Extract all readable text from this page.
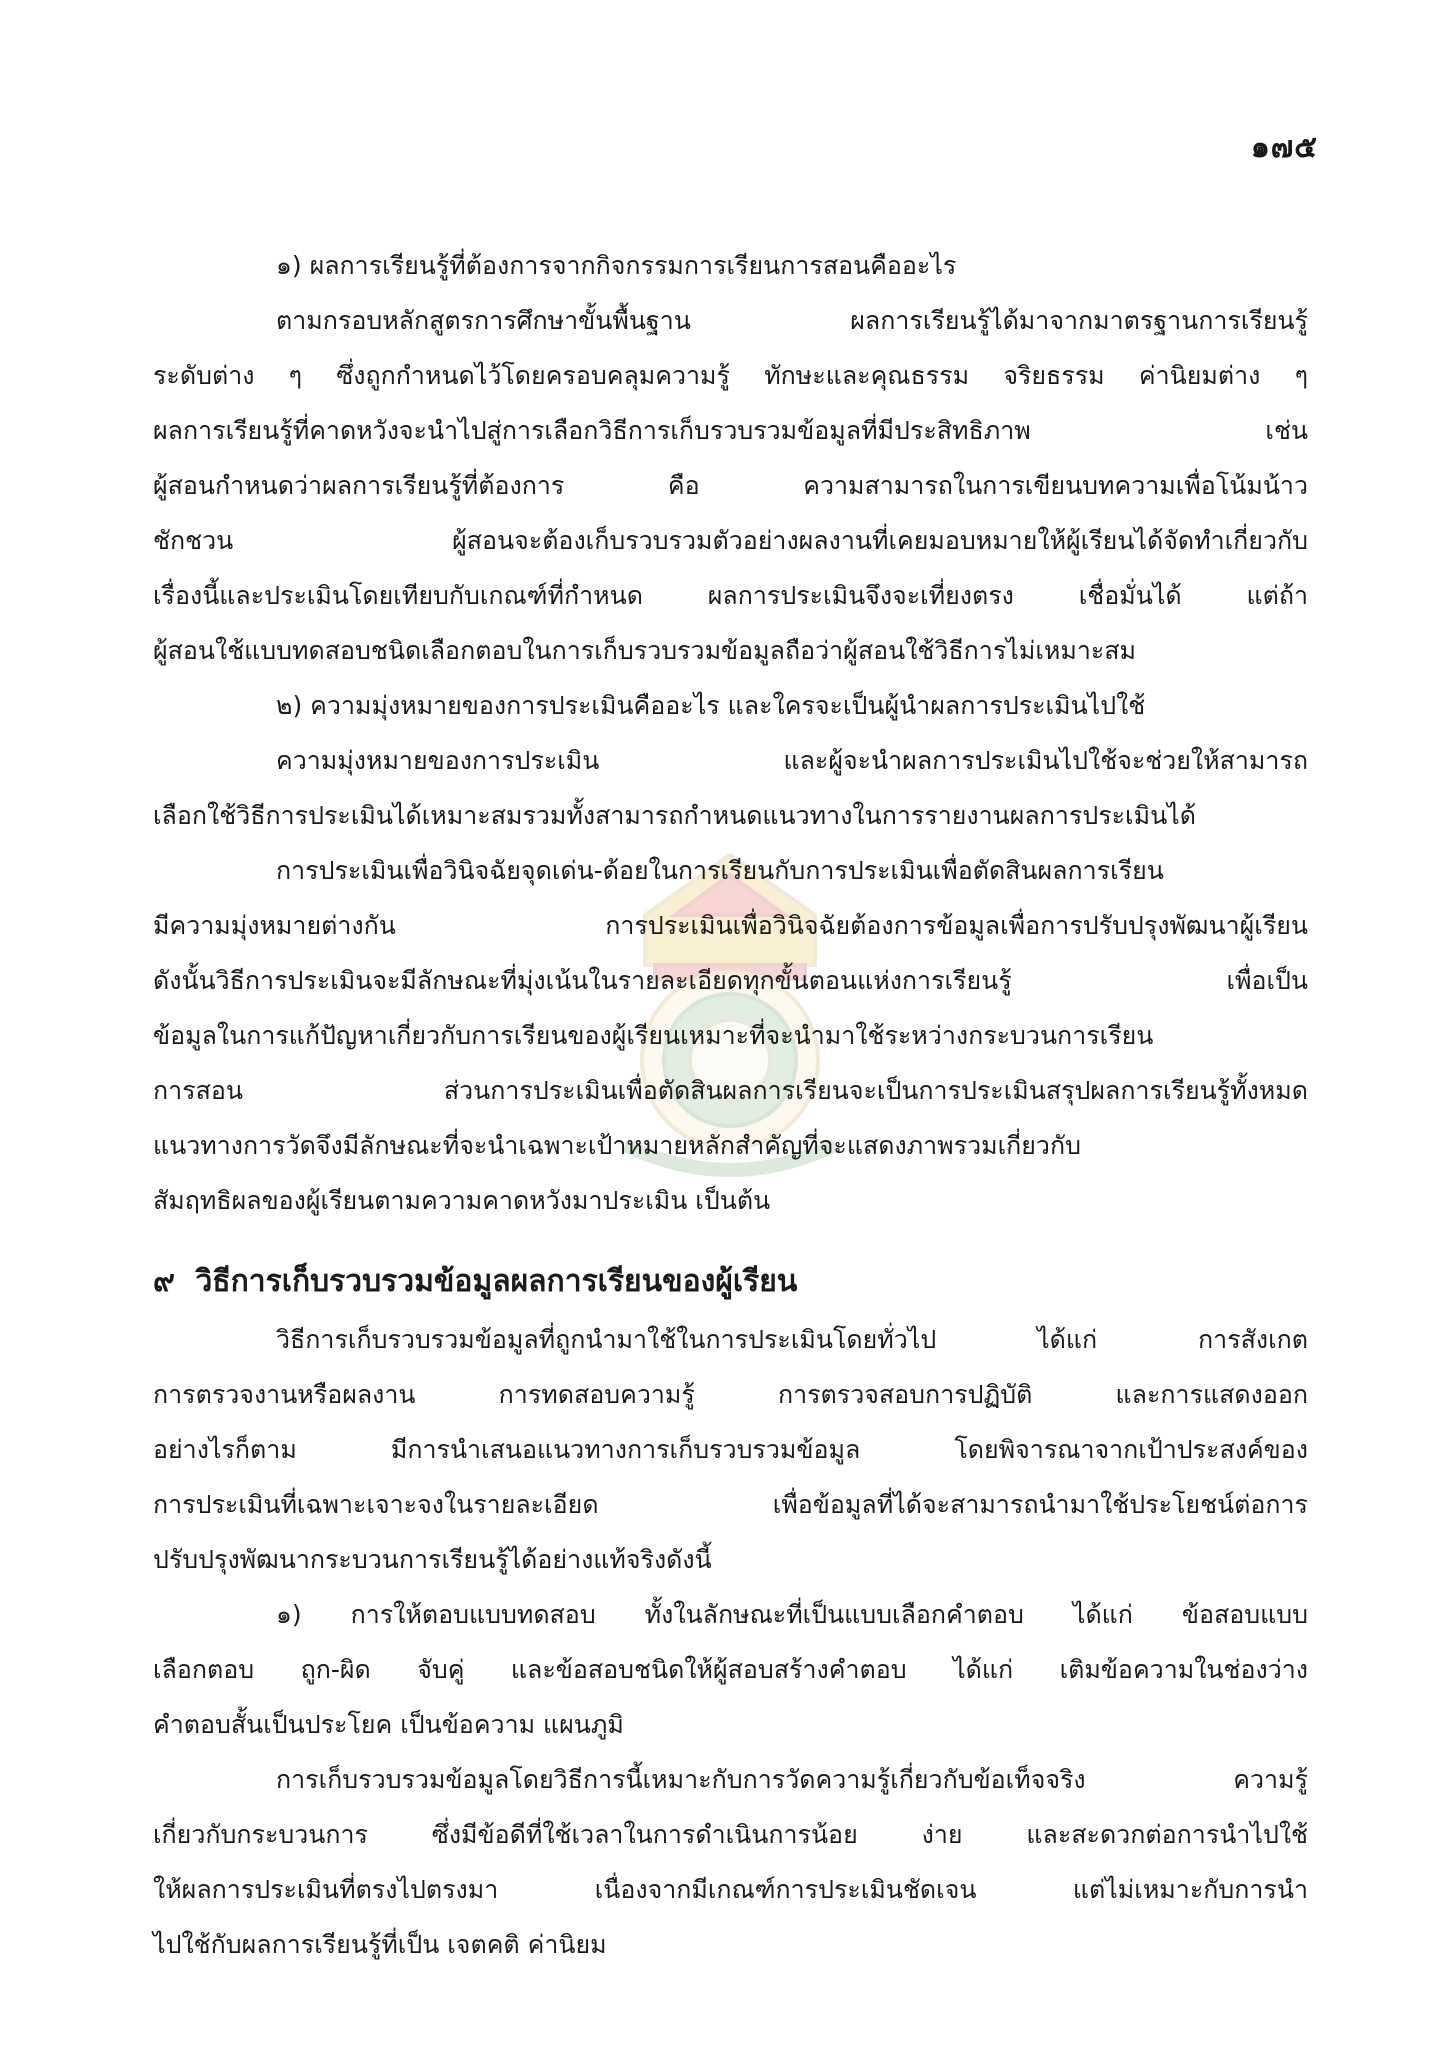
๑๗๕

๑) ผลการเรียนรู้ที่ต้องการจากกิจกรรมการเรียนการสอนคืออะไร

ตามกรอบหลักสูตรการศึกษาขั้นพื้นฐาน ผลการเรียนรู้ได้มาจากมาตรฐานการเรียนรู้

ระดับต่าง ๆ ซึ่งถูกกำหนดไว้โดยครอบคลุมความรู้ ทักษะและคุณธรรม จริยธรรม ค่านิยมต่าง ๆ

ผลการเรียนรู้ที่คาดหวังจะนำไปสู่การเลือกวิธีการเก็บรวบรวมข้อมูลที่มีประสิทธิภาพ เช่น

ผู้สอนกำหนดว่าผลการเรียนรู้ที่ต้องการ คือ ความสามารถในการเขียนบทความเพื่อโน้มน้าว

ชักชวน ผู้สอนจะต้องเก็บรวบรวมตัวอย่างผลงานที่เคยมอบหมายให้ผู้เรียนได้จัดทำเกี่ยวกับ

เรื่องนี้และประเมินโดยเทียบกับเกณฑ์ที่กำหนด ผลการประเมินจึงจะเที่ยงตรง เชื่อมั่นได้ แต่ถ้า

ผู้สอนใช้แบบทดสอบชนิดเลือกตอบในการเก็บรวบรวมข้อมูลถือว่าผู้สอนใช้วิธีการไม่เหมาะสม

๒) ความมุ่งหมายของการประเมินคืออะไร และใครจะเป็นผู้นำผลการประเมินไปใช้

ความมุ่งหมายของการประเมิน และผู้จะนำผลการประเมินไปใช้จะช่วยให้สามารถ

เลือกใช้วิธีการประเมินได้เหมาะสมรวมทั้งสามารถกำหนดแนวทางในการรายงานผลการประเมินได้

การประเมินเพื่อวินิจฉัยจุดเด่น-ด้อยในการเรียนกับการประเมินเพื่อตัดสินผลการเรียน

มีความมุ่งหมายต่างกัน การประเมินเพื่อวินิจฉัยต้องการข้อมูลเพื่อการปรับปรุงพัฒนาผู้เรียน

ดังนั้นวิธีการประเมินจะมีลักษณะที่มุ่งเน้นในรายละเอียดทุกขั้นตอนแห่งการเรียนรู้ เพื่อเป็น

ข้อมูลในการแก้ปัญหาเกี่ยวกับการเรียนของผู้เรียนเหมาะที่จะนำมาใช้ระหว่างกระบวนการเรียน

การสอน ส่วนการประเมินเพื่อตัดสินผลการเรียนจะเป็นการประเมินสรุปผลการเรียนรู้ทั้งหมด

แนวทางการวัดจึงมีลักษณะที่จะนำเฉพาะเป้าหมายหลักสำคัญที่จะแสดงภาพรวมเกี่ยวกับ

สัมฤทธิผลของผู้เรียนตามความคาดหวังมาประเมิน เป็นต้น

๙ วิธีการเก็บรวบรวมข้อมูลผลการเรียนของผู้เรียน

วิธีการเก็บรวบรวมข้อมูลที่ถูกนำมาใช้ในการประเมินโดยทั่วไป ได้แก่ การสังเกต

การตรวจงานหรือผลงาน การทดสอบความรู้ การตรวจสอบการปฏิบัติ และการแสดงออก

อย่างไรก็ตาม มีการนำเสนอแนวทางการเก็บรวบรวมข้อมูล โดยพิจารณาจากเป้าประสงค์ของ

การประเมินที่เฉพาะเจาะจงในรายละเอียด เพื่อข้อมูลที่ได้จะสามารถนำมาใช้ประโยชน์ต่อการ

ปรับปรุงพัฒนากระบวนการเรียนรู้ได้อย่างแท้จริงดังนี้

๑) การให้ตอบแบบทดสอบ ทั้งในลักษณะที่เป็นแบบเลือกคำตอบ ได้แก่ ข้อสอบแบบ

เลือกตอบ ถูก-ผิด จับคู่ และข้อสอบชนิดให้ผู้สอบสร้างคำตอบ ได้แก่ เติมข้อความในช่องว่าง

คำตอบสั้นเป็นประโยค เป็นข้อความ แผนภูมิ

การเก็บรวบรวมข้อมูลโดยวิธีการนี้เหมาะกับการวัดความรู้เกี่ยวกับข้อเท็จจริง ความรู้

เกี่ยวกับกระบวนการ ซึ่งมีข้อดีที่ใช้เวลาในการดำเนินการน้อย ง่าย และสะดวกต่อการนำไปใช้

ให้ผลการประเมินที่ตรงไปตรงมา เนื่องจากมีเกณฑ์การประเมินชัดเจน แต่ไม่เหมาะกับการนำ

ไปใช้กับผลการเรียนรู้ที่เป็น เจตคติ ค่านิยม
